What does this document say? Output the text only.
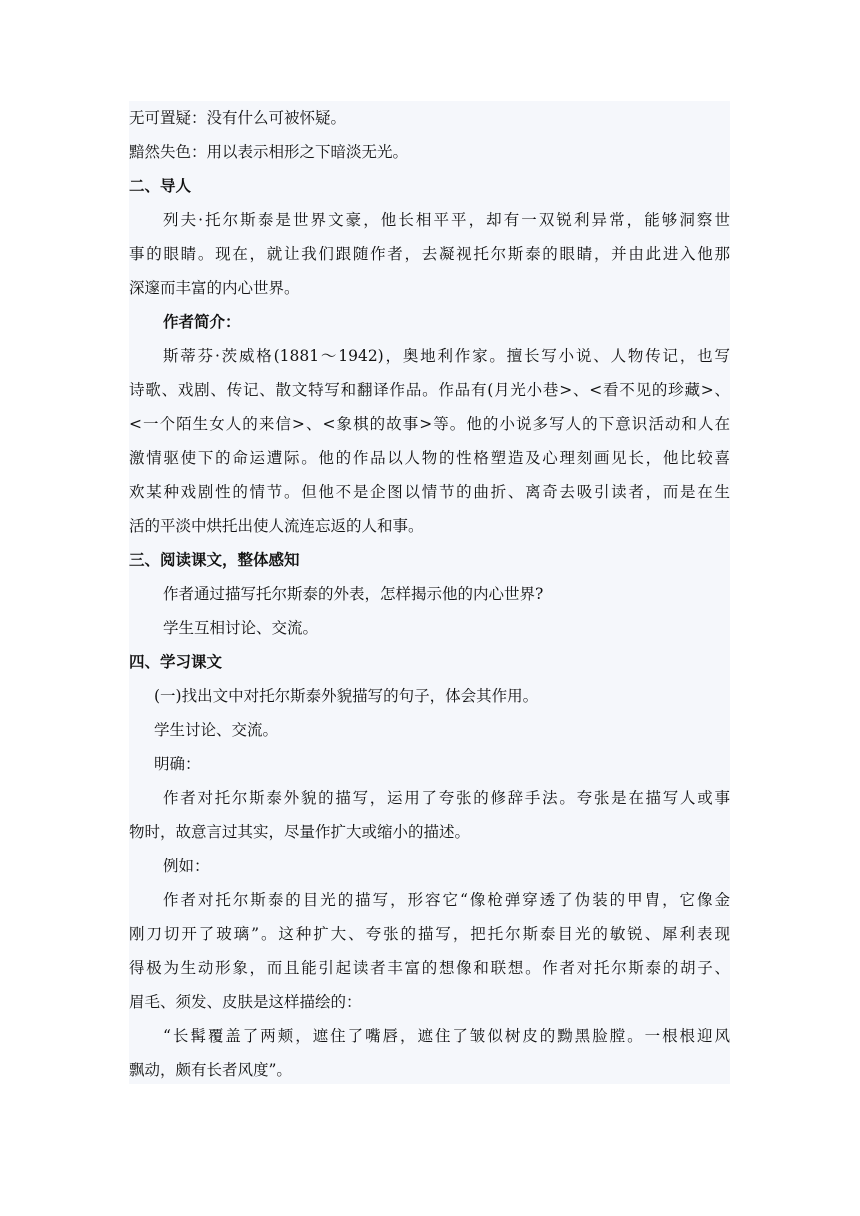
无可置疑：没有什么可被怀疑。
黯然失色：用以表示相形之下暗淡无光。
二、导人
列夫·托尔斯泰是世界文豪，他长相平平，却有一双锐利异常，能够洞察世
事的眼睛。现在，就让我们跟随作者，去凝视托尔斯泰的眼睛，并由此进入他那
深邃而丰富的内心世界。
作者简介：
斯蒂芬·茨威格(1881～1942)，奥地利作家。擅长写小说、人物传记，也写
诗歌、戏剧、传记、散文特写和翻译作品。作品有(月光小巷>、<看不见的珍藏>、
<一个陌生女人的来信>、<象棋的故事>等。他的小说多写人的下意识活动和人在
激情驱使下的命运遭际。他的作品以人物的性格塑造及心理刻画见长，他比较喜
欢某种戏剧性的情节。但他不是企图以情节的曲折、离奇去吸引读者，而是在生
活的平淡中烘托出使人流连忘返的人和事。
三、阅读课文，整体感知
作者通过描写托尔斯泰的外表，怎样揭示他的内心世界?
学生互相讨论、交流。
四、学习课文
(一)找出文中对托尔斯泰外貌描写的句子，体会其作用。
学生讨论、交流。
明确：
作者对托尔斯泰外貌的描写，运用了夸张的修辞手法。夸张是在描写人或事
物时，故意言过其实，尽量作扩大或缩小的描述。
例如：
作者对托尔斯泰的目光的描写，形容它“像枪弹穿透了伪装的甲胄，它像金
刚刀切开了玻璃”。这种扩大、夸张的描写，把托尔斯泰目光的敏锐、犀利表现
得极为生动形象，而且能引起读者丰富的想像和联想。作者对托尔斯泰的胡子、
眉毛、须发、皮肤是这样描绘的：
“长髯覆盖了两颊，遮住了嘴唇，遮住了皱似树皮的黝黑脸膛。一根根迎风
飘动，颇有长者风度”。
